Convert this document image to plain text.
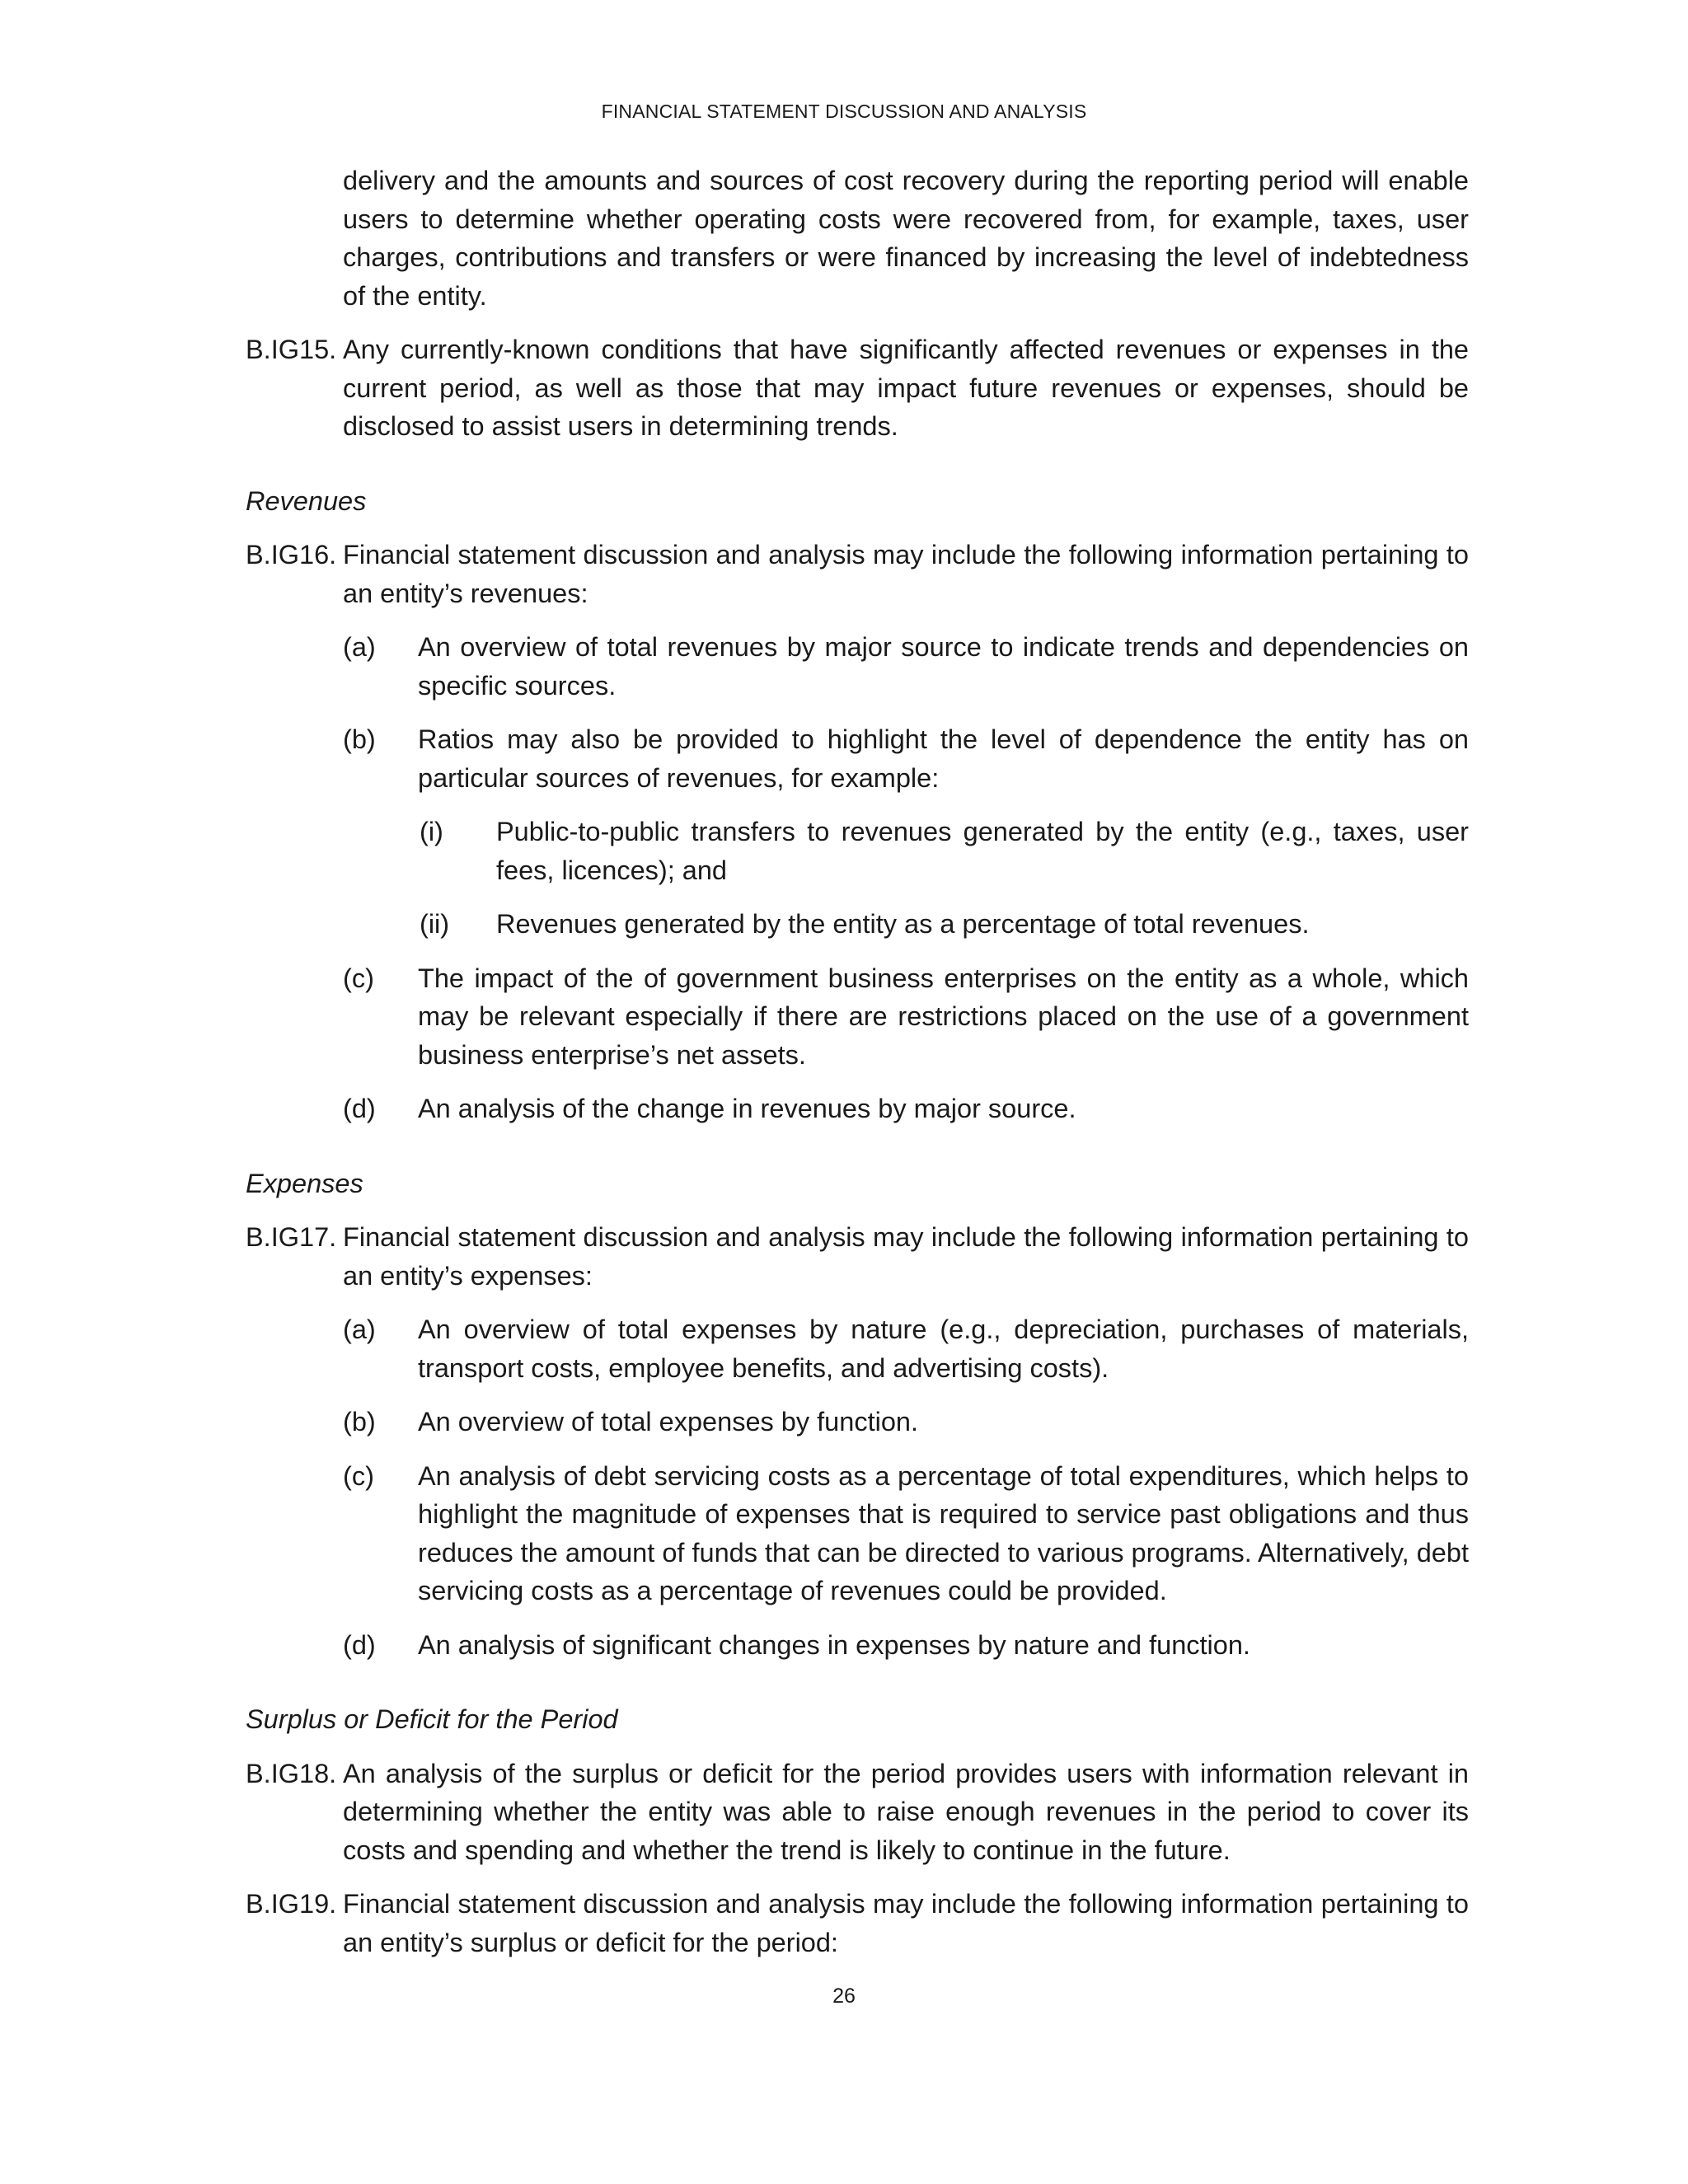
FINANCIAL STATEMENT DISCUSSION AND ANALYSIS

delivery and the amounts and sources of cost recovery during the reporting period will enable users to determine whether operating costs were recovered from, for example, taxes, user charges, contributions and transfers or were financed by increasing the level of indebtedness of the entity.

B.IG15. Any currently-known conditions that have significantly affected revenues or expenses in the current period, as well as those that may impact future revenues or expenses, should be disclosed to assist users in determining trends.

Revenues

B.IG16. Financial statement discussion and analysis may include the following information pertaining to an entity’s revenues:

(a) An overview of total revenues by major source to indicate trends and dependencies on specific sources.

(b) Ratios may also be provided to highlight the level of dependence the entity has on particular sources of revenues, for example:

(i) Public-to-public transfers to revenues generated by the entity (e.g., taxes, user fees, licences); and

(ii) Revenues generated by the entity as a percentage of total revenues.

(c) The impact of the of government business enterprises on the entity as a whole, which may be relevant especially if there are restrictions placed on the use of a government business enterprise’s net assets.

(d) An analysis of the change in revenues by major source.

Expenses

B.IG17. Financial statement discussion and analysis may include the following information pertaining to an entity’s expenses:

(a) An overview of total expenses by nature (e.g., depreciation, purchases of materials, transport costs, employee benefits, and advertising costs).

(b) An overview of total expenses by function.

(c) An analysis of debt servicing costs as a percentage of total expenditures, which helps to highlight the magnitude of expenses that is required to service past obligations and thus reduces the amount of funds that can be directed to various programs. Alternatively, debt servicing costs as a percentage of revenues could be provided.

(d) An analysis of significant changes in expenses by nature and function.

Surplus or Deficit for the Period

B.IG18. An analysis of the surplus or deficit for the period provides users with information relevant in determining whether the entity was able to raise enough revenues in the period to cover its costs and spending and whether the trend is likely to continue in the future.

B.IG19. Financial statement discussion and analysis may include the following information pertaining to an entity’s surplus or deficit for the period:

26
